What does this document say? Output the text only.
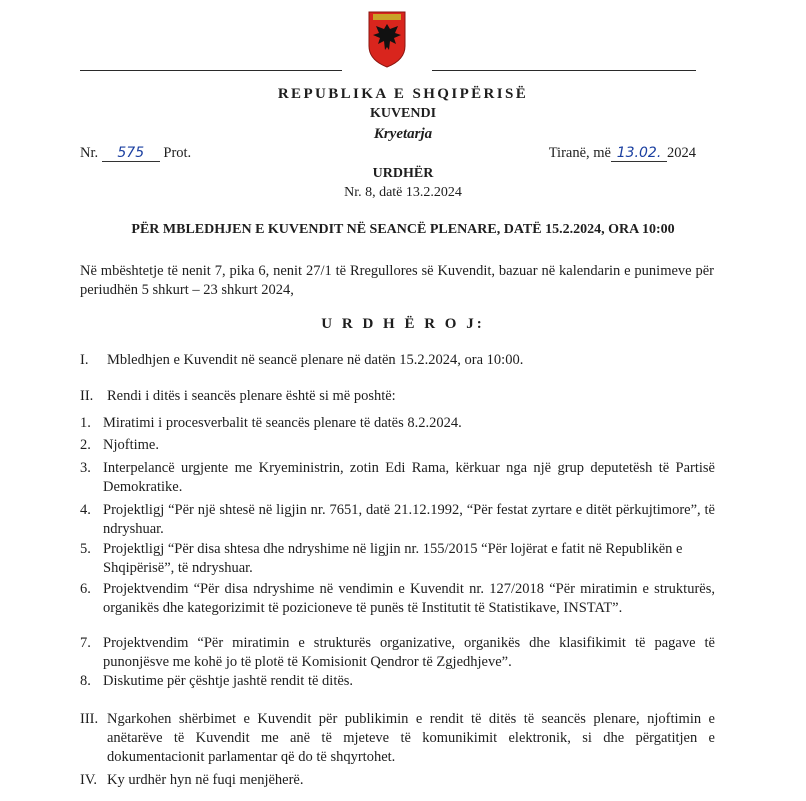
REPUBLIKA E SHQIPËRISË
KUVENDI
Kryetarja
Nr. 575 Prot.	Tiranë, më 13.02. 2024
URDHËR
Nr. 8, datë 13.2.2024
PËR MBLEDHJEN E KUVENDIT NË SEANCË PLENARE, DATË 15.2.2024, ORA 10:00
Në mbështetje të nenit 7, pika 6, nenit 27/1 të Rregullores së Kuvendit, bazuar në kalendarin e punimeve për periudhën 5 shkurt – 23 shkurt 2024,
U R D H Ë R O J:
I. Mbledhjen e Kuvendit në seancë plenare në datën 15.2.2024, ora 10:00.
II. Rendi i ditës i seancës plenare është si më poshtë:
1. Miratimi i procesverbalit të seancës plenare të datës 8.2.2024.
2. Njoftime.
3. Interpelancë urgjente me Kryeministrin, zotin Edi Rama, kërkuar nga një grup deputetësh të Partisë Demokratike.
4. Projektligj “Për një shtesë në ligjin nr. 7651, datë 21.12.1992, “Për festat zyrtare e ditët përkujtimore”, të ndryshuar.
5. Projektligj “Për disa shtesa dhe ndryshime në ligjin nr. 155/2015 “Për lojërat e fatit në Republikën e Shqipërisë”, të ndryshuar.
6. Projektvendim “Për disa ndryshime në vendimin e Kuvendit nr. 127/2018 “Për miratimin e strukturës, organikës dhe kategorizimit të pozicioneve të punës të Institutit të Statistikave, INSTAT”.
7. Projektvendim “Për miratimin e strukturës organizative, organikës dhe klasifikimit të pagave të punonjësve me kohë jo të plotë të Komisionit Qendror të Zgjedhjeve”.
8. Diskutime për çështje jashtë rendit të ditës.
III. Ngarkohen shërbimet e Kuvendit për publikimin e rendit të ditës të seancës plenare, njoftimin e anëtarëve të Kuvendit me anë të mjeteve të komunikimit elektronik, si dhe përgatitjen e dokumentacionit parlamentar që do të shqyrtohet.
IV. Ky urdhër hyn në fuqi menjëherë.
